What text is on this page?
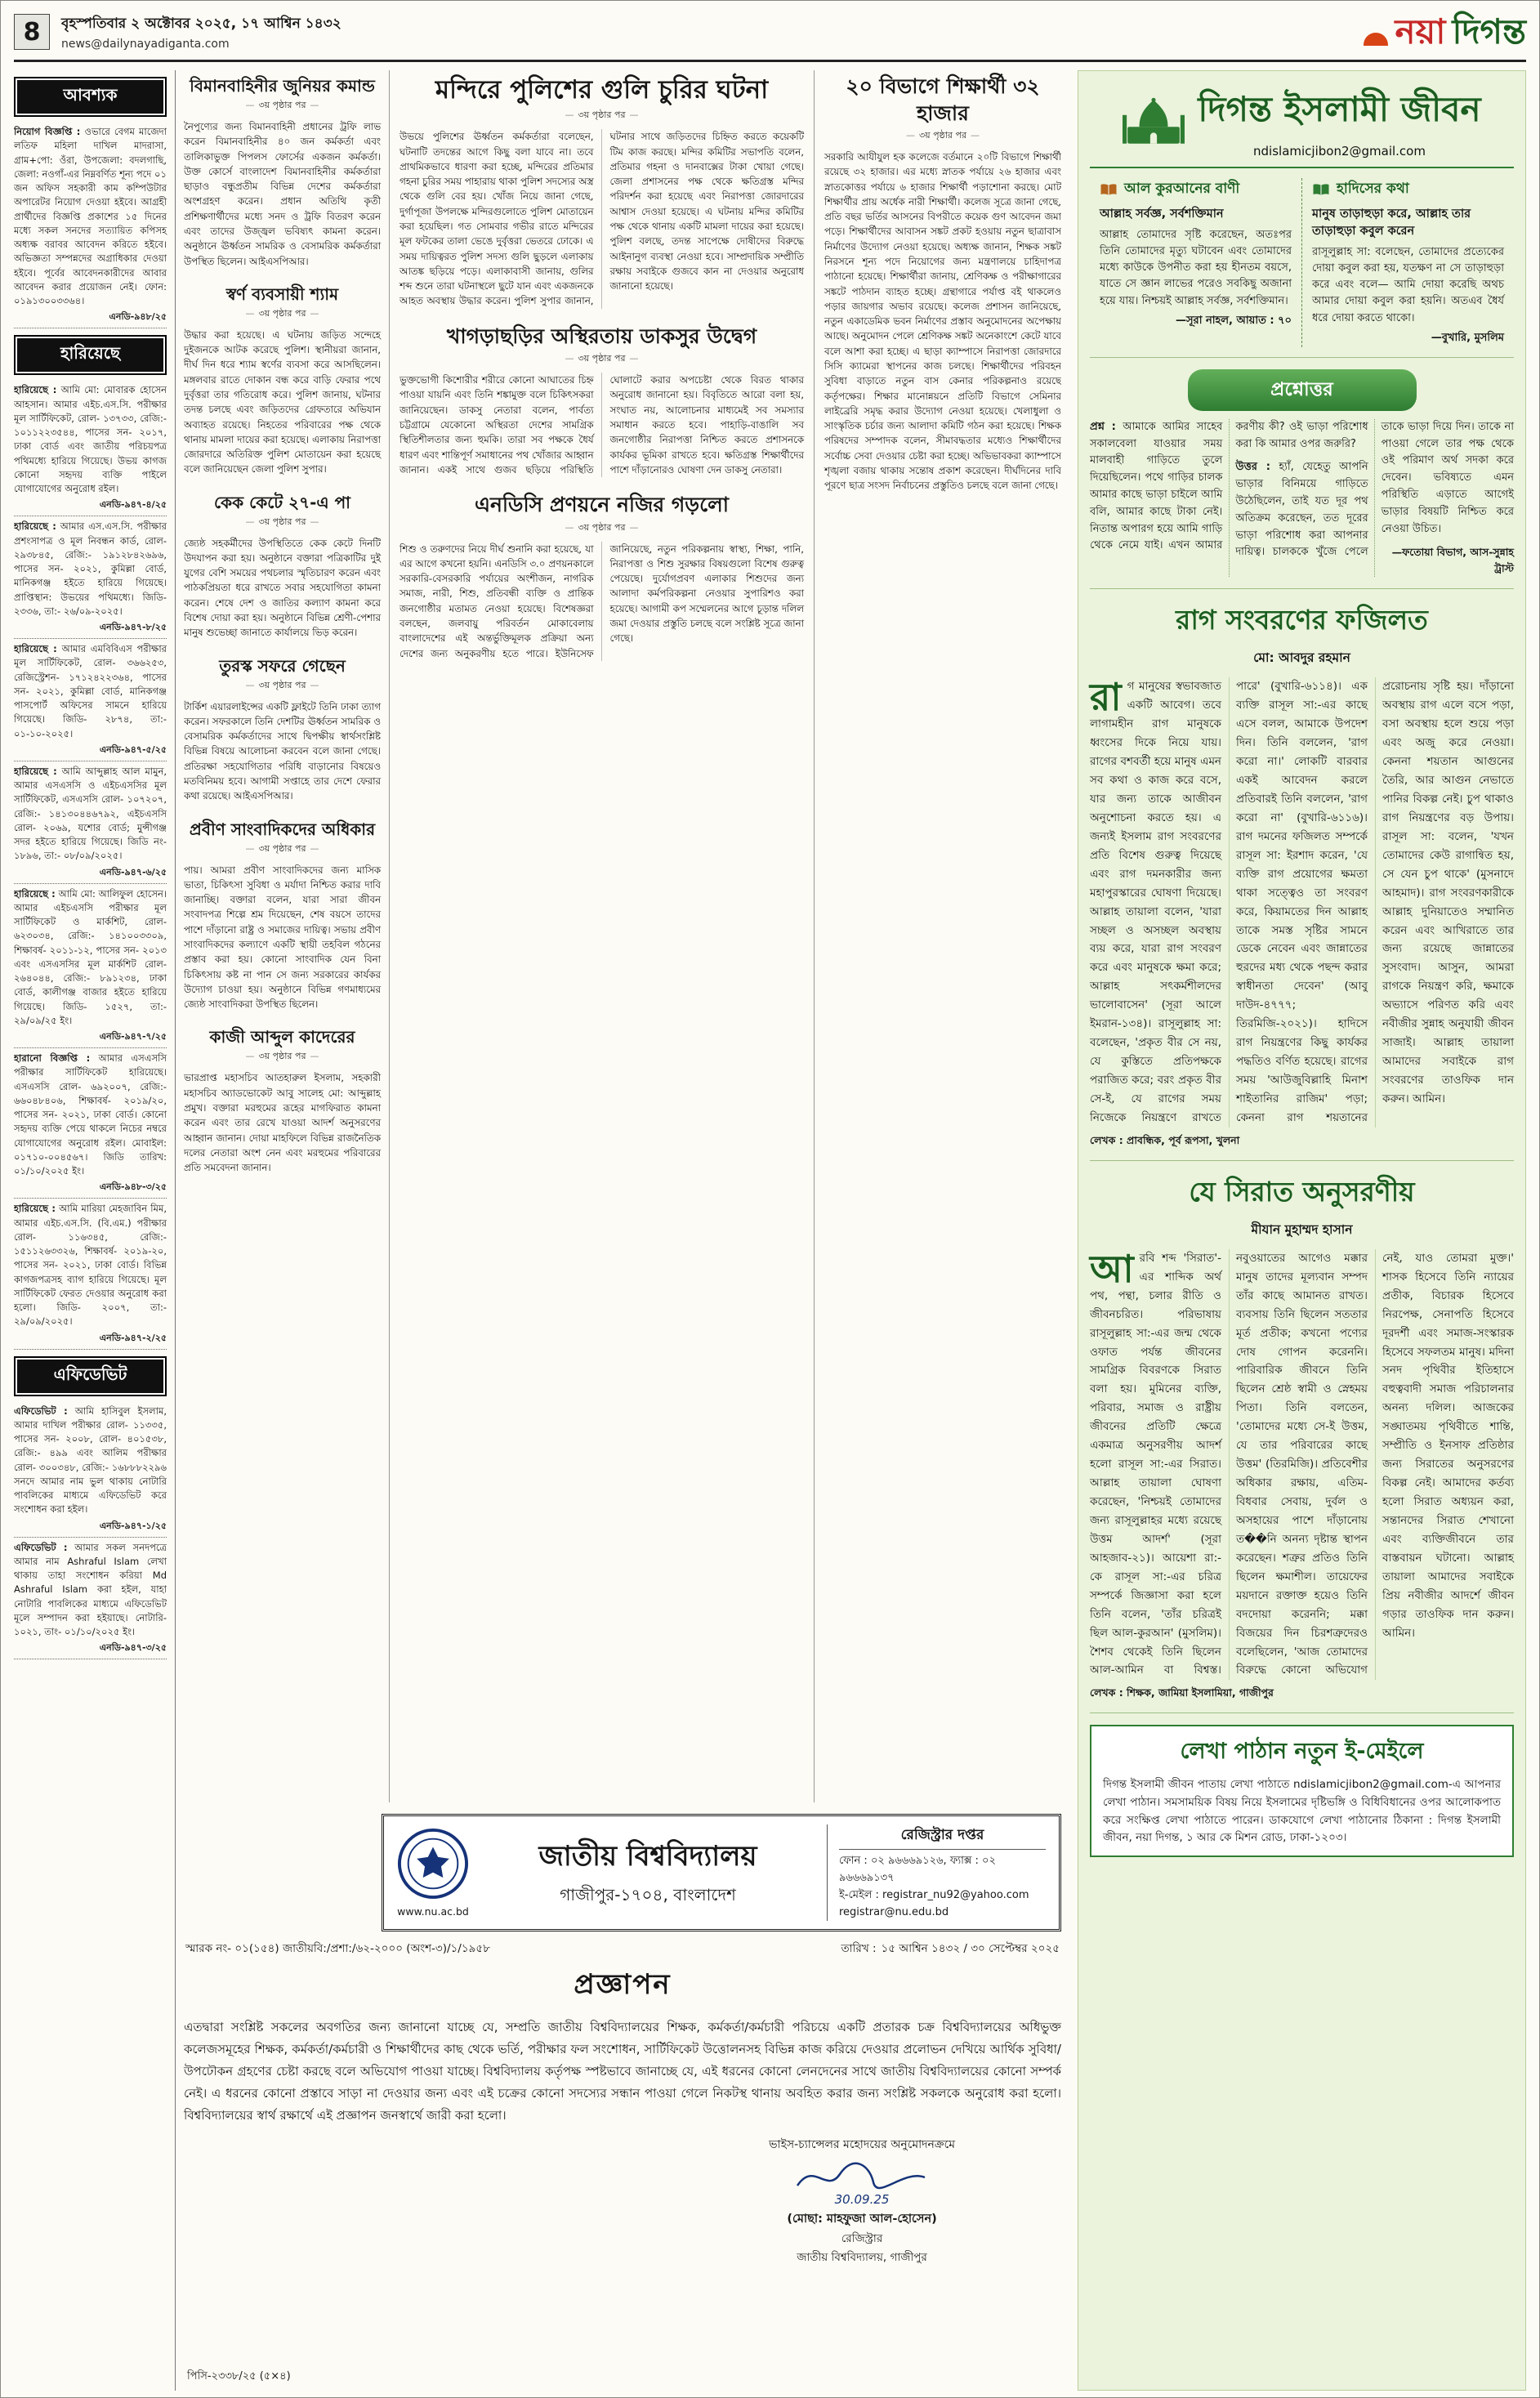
8	বৃহস্পতিবার ২ অক্টোবর ২০২৫, ১৭ আশ্বিন ১৪৩২
news@dailynayadiganta.com	নয়া দিগন্ত
আবশ্যক

নিয়োগ বিজ্ঞপ্তি : ওভারে বেগম মাজেদা লতিফ মহিলা দাখিল মাদরাসা, গ্রাম+পো: ওঁরা, উপজেলা: বদলগাছি, জেলা: নওগাঁ-এর নিম্নবর্ণিত শূন্য পদে ০১ জন অফিস সহকারী কাম কম্পিউটার অপারেটর নিয়োগ দেওয়া হইবে। আগ্রহী প্রার্থীদের বিজ্ঞপ্তি প্রকাশের ১৫ দিনের মধ্যে সকল সনদের সত্যায়িত কপিসহ অধ্যক্ষ বরাবর আবেদন করিতে হইবে। অভিজ্ঞতা সম্পন্নদের অগ্রাধিকার দেওয়া হইবে। পূর্বের আবেদনকারীদের আবার আবেদন করার প্রয়োজন নেই। ফোন: ০১৯১৩০০৩৩৬৪।

এনডি-৯৪৮/২৫
হারিয়েছে

হারিয়েছে : আমি মো: মোবারক হোসেন আহসান। আমার এইচ.এস.সি. পরীক্ষার মূল সার্টিফিকেট, রোল- ১৩৭৩৩, রেজি:- ১০১১২২৩৫৪৪, পাসের সন- ২০১৭, ঢাকা বোর্ড এবং জাতীয় পরিচয়পত্র পথিমধ্যে হারিয়ে গিয়েছে। উভয় কাগজ কোনো সহৃদয় ব্যক্তি পাইলে যোগাযোগের অনুরোধ রইল।

এনডি-৯৪৭-৪/২৫

হারিয়েছে : আমার এস.এস.সি. পরীক্ষার প্রশংসাপত্র ও মূল নিবন্ধন কার্ড, রোল- ২৯৩৮৪৫, রেজি:- ১৯১২৮৪২৬৯৬, পাসের সন- ২০২১, কুমিল্লা বোর্ড, মানিকগঞ্জ হইতে হারিয়ে গিয়েছে। প্রাপ্তিস্থান: উভয়ের পথিমধ্যে। জিডি- ২৩৩৬, তা:- ২৬/০৯-২০২৫।

এনডি-৯৪৭-৮/২৫

হারিয়েছে : আমার এমবিবিএস পরীক্ষার মূল সার্টিফিকেট, রোল- ৩৬৬২৫৩, রেজিস্ট্রেশন- ১৭১২৪২২৩৬৪, পাসের সন- ২০২১, কুমিল্লা বোর্ড, মানিকগঞ্জ পাসপোর্ট অফিসের সামনে হারিয়ে গিয়েছে। জিডি- ২৮৭৪, তা:- ০১-১০-২০২৫।

এনডি-৯৪৭-৫/২৫

হারিয়েছে : আমি আব্দুল্লাহ আল মামুন, আমার এসএসসি ও এইচএসসির মূল সার্টিফিকেট, এসএসসি রোল- ১০৭২০৭, রেজি:- ১৪১৩০৪৪৬৭৯২, এইচএসসি রোল- ২০৬৯, যশোর বোর্ড; মুন্সীগঞ্জ সদর হইতে হারিয়ে গিয়েছে। জিডি নং- ১৮৯৬, তা:- ০৮/০৯/২০২৫।

এনডি-৯৪৭-৬/২৫

হারিয়েছে : আমি মো: আলিফুল হোসেন। আমার এইচএসসি পরীক্ষার মূল সার্টিফিকেট ও মার্কশিট, রোল- ৬২৩০৩৪, রেজি:- ১৪১০০৩৩০৯, শিক্ষাবর্ষ- ২০১১-১২, পাসের সন- ২০১৩ এবং এসএসসির মূল মার্কশিট রোল- ২৬৪০৪৪, রেজি:- ৮৯১২৩৪, ঢাকা বোর্ড, কালীগঞ্জ বাজার হইতে হারিয়ে গিয়েছে। জিডি- ১৫২৭, তা:- ২৯/০৯/২৫ ইং।

এনডি-৯৪৭-৭/২৫

হারানো বিজ্ঞপ্তি : আমার এসএসসি পরীক্ষার সার্টিফিকেট হারিয়েছে। এসএসসি রোল- ৬৯২০০৭, রেজি:- ৬৬০৪৮৪০৬, শিক্ষাবর্ষ- ২০১৯/২০, পাসের সন- ২০২১, ঢাকা বোর্ড। কোনো সহৃদয় ব্যক্তি পেয়ে থাকলে নিচের নম্বরে যোগাযোগের অনুরোধ রইল। মোবাইল: ০১৭১০-০০৪৫৬৭। জিডি তারিখ: ০১/১০/২০২৫ ইং।

এনডি-৯৪৮-৩/২৫

হারিয়েছে : আমি মারিয়া মেহজাবিন মিম, আমার এইচ.এস.সি. (বি.এম.) পরীক্ষার রোল- ১১৬৩৪৫, রেজি:- ১৫১১২৬৩৩২৬, শিক্ষাবর্ষ- ২০১৯-২০, পাসের সন- ২০২১, ঢাকা বোর্ড। বিভিন্ন কাগজপত্রসহ ব্যাগ হারিয়ে গিয়েছে। মূল সার্টিফিকেট ফেরত দেওয়ার অনুরোধ করা হলো। জিডি- ২০০৭, তা:- ২৯/০৯/২০২৫।

এনডি-৯৪৭-২/২৫
এফিডেভিট

এফিডেভিট : আমি হাসিবুল ইসলাম, আমার দাখিল পরীক্ষার রোল- ১১৩৩৫, পাসের সন- ২০০৮, রোল- ৪০১৫৩৮, রেজি:- ৪৯৯ এবং আলিম পরীক্ষার রোল- ৩০০৩৪৮, রেজি:- ১৬৮৮৮২২৯৬ সনদে আমার নাম ভুল থাকায় নোটারি পাবলিকের মাধ্যমে এফিডেভিট করে সংশোধন করা হইল।

এনডি-৯৪৭-১/২৫

এফিডেভিট : আমার সকল সনদপত্রে আমার নাম Ashraful Islam লেখা থাকায় তাহা সংশোধন করিয়া Md Ashraful Islam করা হইল, যাহা নোটারি পাবলিকের মাধ্যমে এফিডেভিট মূলে সম্পাদন করা হইয়াছে। নোটারি- ১০২১, তাং- ০১/১০/২০২৫ ইং।

এনডি-৯৪৭-৩/২৫
বিমানবাহিনীর জুনিয়র কমান্ড
— ৩য় পৃষ্ঠার পর —

নৈপুণ্যের জন্য বিমানবাহিনী প্রধানের ট্রফি লাভ করেন বিমানবাহিনীর ৪০ জন কর্মকর্তা এবং তালিকাভুক্ত পিপলস ফোর্সের একজন কর্মকর্তা। উক্ত কোর্সে বাংলাদেশ বিমানবাহিনীর কর্মকর্তারা ছাড়াও বন্ধুপ্রতীম বিভিন্ন দেশের কর্মকর্তারা অংশগ্রহণ করেন। প্রধান অতিথি কৃতী প্রশিক্ষণার্থীদের মধ্যে সনদ ও ট্রফি বিতরণ করেন এবং তাদের উজ্জ্বল ভবিষ্যৎ কামনা করেন। অনুষ্ঠানে ঊর্ধ্বতন সামরিক ও বেসামরিক কর্মকর্তারা উপস্থিত ছিলেন। আইএসপিআর।

স্বর্ণ ব্যবসায়ী শ্যাম
— ৩য় পৃষ্ঠার পর —

উদ্ধার করা হয়েছে। এ ঘটনায় জড়িত সন্দেহে দুইজনকে আটক করেছে পুলিশ। স্থানীয়রা জানান, দীর্ঘ দিন ধরে শ্যাম স্বর্ণের ব্যবসা করে আসছিলেন। মঙ্গলবার রাতে দোকান বন্ধ করে বাড়ি ফেরার পথে দুর্বৃত্তরা তার গতিরোধ করে। পুলিশ জানায়, ঘটনার তদন্ত চলছে এবং জড়িতদের গ্রেফতারে অভিযান অব্যাহত রয়েছে। নিহতের পরিবারের পক্ষ থেকে থানায় মামলা দায়ের করা হয়েছে। এলাকায় নিরাপত্তা জোরদারে অতিরিক্ত পুলিশ মোতায়েন করা হয়েছে বলে জানিয়েছেন জেলা পুলিশ সুপার।

কেক কেটে ২৭-এ পা
— ৩য় পৃষ্ঠার পর —

জ্যেষ্ঠ সহকর্মীদের উপস্থিতিতে কেক কেটে দিনটি উদযাপন করা হয়। অনুষ্ঠানে বক্তারা পত্রিকাটির দুই যুগের বেশি সময়ের পথচলার স্মৃতিচারণ করেন এবং পাঠকপ্রিয়তা ধরে রাখতে সবার সহযোগিতা কামনা করেন। শেষে দেশ ও জাতির কল্যাণ কামনা করে বিশেষ দোয়া করা হয়। অনুষ্ঠানে বিভিন্ন শ্রেণী-পেশার মানুষ শুভেচ্ছা জানাতে কার্যালয়ে ভিড় করেন।

তুরস্ক সফরে গেছেন
— ৩য় পৃষ্ঠার পর —

টার্কিশ এয়ারলাইন্সের একটি ফ্লাইটে তিনি ঢাকা ত্যাগ করেন। সফরকালে তিনি দেশটির ঊর্ধ্বতন সামরিক ও বেসামরিক কর্মকর্তাদের সাথে দ্বিপক্ষীয় স্বার্থসংশ্লিষ্ট বিভিন্ন বিষয়ে আলোচনা করবেন বলে জানা গেছে। প্রতিরক্ষা সহযোগিতার পরিধি বাড়ানোর বিষয়েও মতবিনিময় হবে। আগামী সপ্তাহে তার দেশে ফেরার কথা রয়েছে। আইএসপিআর।

প্রবীণ সাংবাদিকদের অধিকার
— ৩য় পৃষ্ঠার পর —

পায়। আমরা প্রবীণ সাংবাদিকদের জন্য মাসিক ভাতা, চিকিৎসা সুবিধা ও মর্যাদা নিশ্চিত করার দাবি জানাচ্ছি। বক্তারা বলেন, যারা সারা জীবন সংবাদপত্র শিল্পে শ্রম দিয়েছেন, শেষ বয়সে তাদের পাশে দাঁড়ানো রাষ্ট্র ও সমাজের দায়িত্ব। সভায় প্রবীণ সাংবাদিকদের কল্যাণে একটি স্থায়ী তহবিল গঠনের প্রস্তাব করা হয়। কোনো সাংবাদিক যেন বিনা চিকিৎসায় কষ্ট না পান সে জন্য সরকারের কার্যকর উদ্যোগ চাওয়া হয়। অনুষ্ঠানে বিভিন্ন গণমাধ্যমের জ্যেষ্ঠ সাংবাদিকরা উপস্থিত ছিলেন।

কাজী আব্দুল কাদেরের
— ৩য় পৃষ্ঠার পর —

ভারপ্রাপ্ত মহাসচিব আতহারুল ইসলাম, সহকারী মহাসচিব অ্যাডভোকেট আবু সালেহ মো: আব্দুল্লাহ প্রমুখ। বক্তারা মরহুমের রূহের মাগফিরাত কামনা করেন এবং তার রেখে যাওয়া আদর্শ অনুসরণের আহ্বান জানান। দোয়া মাহফিলে বিভিন্ন রাজনৈতিক দলের নেতারা অংশ নেন এবং মরহুমের পরিবারের প্রতি সমবেদনা জানান।

মন্দিরে পুলিশের গুলি চুরির ঘটনা
— ৩য় পৃষ্ঠার পর —

উভয়ে পুলিশের ঊর্ধ্বতন কর্মকর্তারা বলেছেন, ঘটনাটি তদন্তের আগে কিছু বলা যাবে না। তবে প্রাথমিকভাবে ধারণা করা হচ্ছে, মন্দিরের প্রতিমার গহনা চুরির সময় পাহারায় থাকা পুলিশ সদস্যের অস্ত্র থেকে গুলি বের হয়। খোঁজ নিয়ে জানা গেছে, দুর্গাপূজা উপলক্ষে মন্দিরগুলোতে পুলিশ মোতায়েন করা হয়েছিল। গত সোমবার গভীর রাতে মন্দিরের মূল ফটকের তালা ভেঙে দুর্বৃত্তরা ভেতরে ঢোকে। এ সময় দায়িত্বরত পুলিশ সদস্য গুলি ছুড়লে এলাকায় আতঙ্ক ছড়িয়ে পড়ে। এলাকাবাসী জানায়, গুলির শব্দ শুনে তারা ঘটনাস্থলে ছুটে যান এবং একজনকে আহত অবস্থায় উদ্ধার করেন। পুলিশ সুপার জানান, ঘটনার সাথে জড়িতদের চিহ্নিত করতে কয়েকটি টিম কাজ করছে। মন্দির কমিটির সভাপতি বলেন, প্রতিমার গহনা ও দানবাক্সের টাকা খোয়া গেছে। জেলা প্রশাসনের পক্ষ থেকে ক্ষতিগ্রস্ত মন্দির পরিদর্শন করা হয়েছে এবং নিরাপত্তা জোরদারের আশ্বাস দেওয়া হয়েছে। এ ঘটনায় মন্দির কমিটির পক্ষ থেকে থানায় একটি মামলা দায়ের করা হয়েছে। পুলিশ বলছে, তদন্ত সাপেক্ষে দোষীদের বিরুদ্ধে আইনানুগ ব্যবস্থা নেওয়া হবে। সাম্প্রদায়িক সম্প্রীতি রক্ষায় সবাইকে গুজবে কান না দেওয়ার অনুরোধ জানানো হয়েছে।

খাগড়াছড়ির অস্থিরতায় ডাকসুর উদ্বেগ
— ৩য় পৃষ্ঠার পর —

ভুক্তভোগী কিশোরীর শরীরে কোনো আঘাতের চিহ্ন পাওয়া যায়নি এবং তিনি শঙ্কামুক্ত বলে চিকিৎসকরা জানিয়েছেন। ডাকসু নেতারা বলেন, পার্বত্য চট্টগ্রামে যেকোনো অস্থিরতা দেশের সামগ্রিক স্থিতিশীলতার জন্য হুমকি। তারা সব পক্ষকে ধৈর্য ধারণ এবং শান্তিপূর্ণ সমাধানের পথ খোঁজার আহ্বান জানান। একই সাথে গুজব ছড়িয়ে পরিস্থিতি ঘোলাটে করার অপচেষ্টা থেকে বিরত থাকার অনুরোধ জানানো হয়। বিবৃতিতে আরো বলা হয়, সংঘাত নয়, আলোচনার মাধ্যমেই সব সমস্যার সমাধান করতে হবে। পাহাড়ি-বাঙালি সব জনগোষ্ঠীর নিরাপত্তা নিশ্চিত করতে প্রশাসনকে কার্যকর ভূমিকা রাখতে হবে। ক্ষতিগ্রস্ত শিক্ষার্থীদের পাশে দাঁড়ানোরও ঘোষণা দেন ডাকসু নেতারা।

এনডিসি প্রণয়নে নজির গড়লো
— ৩য় পৃষ্ঠার পর —

শিশু ও তরুণদের নিয়ে দীর্ঘ শুনানি করা হয়েছে, যা এর আগে কখনো হয়নি। এনডিসি ৩.০ প্রণয়নকালে সরকারি-বেসরকারি পর্যায়ের অংশীজন, নাগরিক সমাজ, নারী, শিশু, প্রতিবন্ধী ব্যক্তি ও প্রান্তিক জনগোষ্ঠীর মতামত নেওয়া হয়েছে। বিশেষজ্ঞরা বলছেন, জলবায়ু পরিবর্তন মোকাবেলায় বাংলাদেশের এই অন্তর্ভুক্তিমূলক প্রক্রিয়া অন্য দেশের জন্য অনুকরণীয় হতে পারে। ইউনিসেফ জানিয়েছে, নতুন পরিকল্পনায় স্বাস্থ্য, শিক্ষা, পানি, নিরাপত্তা ও শিশু সুরক্ষার বিষয়গুলো বিশেষ গুরুত্ব পেয়েছে। দুর্যোগপ্রবণ এলাকার শিশুদের জন্য আলাদা কর্মপরিকল্পনা নেওয়ার সুপারিশও করা হয়েছে। আগামী কপ সম্মেলনের আগে চূড়ান্ত দলিল জমা দেওয়ার প্রস্তুতি চলছে বলে সংশ্লিষ্ট সূত্রে জানা গেছে।

২০ বিভাগে শিক্ষার্থী ৩২ হাজার
— ৩য় পৃষ্ঠার পর —

সরকারি আযীযুল হক কলেজে বর্তমানে ২০টি বিভাগে শিক্ষার্থী রয়েছে ৩২ হাজার। এর মধ্যে স্নাতক পর্যায়ে ২৬ হাজার এবং স্নাতকোত্তর পর্যায়ে ৬ হাজার শিক্ষার্থী পড়াশোনা করছে। মোট শিক্ষার্থীর প্রায় অর্ধেক নারী শিক্ষার্থী। কলেজ সূত্রে জানা গেছে, প্রতি বছর ভর্তির আসনের বিপরীতে কয়েক গুণ আবেদন জমা পড়ে। শিক্ষার্থীদের আবাসন সঙ্কট প্রকট হওয়ায় নতুন ছাত্রাবাস নির্মাণের উদ্যোগ নেওয়া হয়েছে। অধ্যক্ষ জানান, শিক্ষক সঙ্কট নিরসনে শূন্য পদে নিয়োগের জন্য মন্ত্রণালয়ে চাহিদাপত্র পাঠানো হয়েছে। শিক্ষার্থীরা জানায়, শ্রেণিকক্ষ ও পরীক্ষাগারের সঙ্কটে পাঠদান ব্যাহত হচ্ছে। গ্রন্থাগারে পর্যাপ্ত বই থাকলেও পড়ার জায়গার অভাব রয়েছে। কলেজ প্রশাসন জানিয়েছে, নতুন একাডেমিক ভবন নির্মাণের প্রস্তাব অনুমোদনের অপেক্ষায় আছে। অনুমোদন পেলে শ্রেণিকক্ষ সঙ্কট অনেকাংশে কেটে যাবে বলে আশা করা হচ্ছে। এ ছাড়া ক্যাম্পাসে নিরাপত্তা জোরদারে সিসি ক্যামেরা স্থাপনের কাজ চলছে। শিক্ষার্থীদের পরিবহন সুবিধা বাড়াতে নতুন বাস কেনার পরিকল্পনাও রয়েছে কর্তৃপক্ষের। শিক্ষার মানোন্নয়নে প্রতিটি বিভাগে সেমিনার লাইব্রেরি সমৃদ্ধ করার উদ্যোগ নেওয়া হয়েছে। খেলাধুলা ও সাংস্কৃতিক চর্চার জন্য আলাদা কমিটি গঠন করা হয়েছে। শিক্ষক পরিষদের সম্পাদক বলেন, সীমাবদ্ধতার মধ্যেও শিক্ষার্থীদের সর্বোচ্চ সেবা দেওয়ার চেষ্টা করা হচ্ছে। অভিভাবকরা ক্যাম্পাসে শৃঙ্খলা বজায় থাকায় সন্তোষ প্রকাশ করেছেন। দীর্ঘদিনের দাবি পূরণে ছাত্র সংসদ নির্বাচনের প্রস্তুতিও চলছে বলে জানা গেছে।

www.nu.ac.bd
জাতীয় বিশ্ববিদ্যালয়
গাজীপুর-১৭০৪, বাংলাদেশ
রেজিস্ট্রার দপ্তর
ফোন : ০২ ৯৬৬৬৯১২৬, ফ্যাক্স : ০২ ৯৬৬৬৯১৩৭
ই-মেইল : registrar_nu92@yahoo.com
registrar@nu.edu.bd
স্মারক নং- ০১(১৫৪) জাতীয়বি:/প্রশা:/৬২-২০০০ (অংশ-৩)/১/১৯৫৮	তারিখ : ১৫ আশ্বিন ১৪৩২ / ৩০ সেপ্টেম্বর ২০২৫
প্রজ্ঞাপন

এতদ্বারা সংশ্লিষ্ট সকলের অবগতির জন্য জানানো যাচ্ছে যে, সম্প্রতি জাতীয় বিশ্ববিদ্যালয়ের শিক্ষক, কর্মকর্তা/কর্মচারী পরিচয়ে একটি প্রতারক চক্র বিশ্ববিদ্যালয়ের অধিভুক্ত কলেজসমূহের শিক্ষক, কর্মকর্তা/কর্মচারী ও শিক্ষার্থীদের কাছ থেকে ভর্তি, পরীক্ষার ফল সংশোধন, সার্টিফিকেট উত্তোলনসহ বিভিন্ন কাজ করিয়ে দেওয়ার প্রলোভন দেখিয়ে আর্থিক সুবিধা/উপঢৌকন গ্রহণের চেষ্টা করছে বলে অভিযোগ পাওয়া যাচ্ছে। বিশ্ববিদ্যালয় কর্তৃপক্ষ স্পষ্টভাবে জানাচ্ছে যে, এই ধরনের কোনো লেনদেনের সাথে জাতীয় বিশ্ববিদ্যালয়ের কোনো সম্পর্ক নেই। এ ধরনের কোনো প্রস্তাবে সাড়া না দেওয়ার জন্য এবং এই চক্রের কোনো সদস্যের সন্ধান পাওয়া গেলে নিকটস্থ থানায় অবহিত করার জন্য সংশ্লিষ্ট সকলকে অনুরোধ করা হলো। বিশ্ববিদ্যালয়ের স্বার্থ রক্ষার্থে এই প্রজ্ঞাপন জনস্বার্থে জারী করা হলো।

ভাইস-চ্যান্সেলর মহোদয়ের অনুমোদনক্রমে
30.09.25
(মোছা: মাহফুজা আল-হোসেন)
রেজিস্ট্রার
জাতীয় বিশ্ববিদ্যালয়, গাজীপুর
পিসি-২৩৩৮/২৫ (৫×৪)
দিগন্ত ইসলামী জীবন
ndislamicjibon2@gmail.com
আল কুরআনের বাণী
আল্লাহ সর্বজ্ঞ, সর্বশক্তিমান

আল্লাহ তোমাদের সৃষ্টি করেছেন, অতঃপর তিনি তোমাদের মৃত্যু ঘটাবেন এবং তোমাদের মধ্যে কাউকে উপনীত করা হয় হীনতম বয়সে, যাতে সে জ্ঞান লাভের পরেও সবকিছু অজানা হয়ে যায়। নিশ্চয়ই আল্লাহ সর্বজ্ঞ, সর্বশক্তিমান।

—সূরা নাহল, আয়াত : ৭০
হাদিসের কথা
মানুষ তাড়াহুড়া করে, আল্লাহ তার তাড়াহুড়া কবুল করেন

রাসূলুল্লাহ সা: বলেছেন, তোমাদের প্রত্যেকের দোয়া কবুল করা হয়, যতক্ষণ না সে তাড়াহুড়া করে এবং বলে— আমি দোয়া করেছি অথচ আমার দোয়া কবুল করা হয়নি। অতএব ধৈর্য ধরে দোয়া করতে থাকো।

—বুখারি, মুসলিম
প্রশ্নোত্তর

প্রশ্ন : আমাকে আমির সাহেব সকালবেলা যাওয়ার সময় মালবাহী গাড়িতে তুলে দিয়েছিলেন। পথে গাড়ির চালক আমার কাছে ভাড়া চাইলে আমি বলি, আমার কাছে টাকা নেই। নিতান্ত অপারগ হয়ে আমি গাড়ি থেকে নেমে যাই। এখন আমার করণীয় কী? ওই ভাড়া পরিশোধ করা কি আমার ওপর জরুরি?

উত্তর : হ্যাঁ, যেহেতু আপনি ভাড়ার বিনিময়ে গাড়িতে উঠেছিলেন, তাই যত দূর পথ অতিক্রম করেছেন, তত দূরের ভাড়া পরিশোধ করা আপনার দায়িত্ব। চালককে খুঁজে পেলে তাকে ভাড়া দিয়ে দিন। তাকে না পাওয়া গেলে তার পক্ষ থেকে ওই পরিমাণ অর্থ সদকা করে দেবেন। ভবিষ্যতে এমন পরিস্থিতি এড়াতে আগেই ভাড়ার বিষয়টি নিশ্চিত করে নেওয়া উচিত।

—ফতোয়া বিভাগ, আস-সুন্নাহ ট্রাস্ট
রাগ সংবরণের ফজিলত
মো: আবদুর রহমান

রাগ মানুষের স্বভাবজাত একটি আবেগ। তবে লাগামহীন রাগ মানুষকে ধ্বংসের দিকে নিয়ে যায়। রাগের বশবর্তী হয়ে মানুষ এমন সব কথা ও কাজ করে বসে, যার জন্য তাকে আজীবন অনুশোচনা করতে হয়। এ জন্যই ইসলাম রাগ সংবরণের প্রতি বিশেষ গুরুত্ব দিয়েছে এবং রাগ দমনকারীর জন্য মহাপুরস্কারের ঘোষণা দিয়েছে। আল্লাহ তায়ালা বলেন, 'যারা সচ্ছল ও অসচ্ছল অবস্থায় ব্যয় করে, যারা রাগ সংবরণ করে এবং মানুষকে ক্ষমা করে; আল্লাহ সৎকর্মশীলদের ভালোবাসেন' (সূরা আলে ইমরান-১৩৪)। রাসূলুল্লাহ সা: বলেছেন, 'প্রকৃত বীর সে নয়, যে কুস্তিতে প্রতিপক্ষকে পরাজিত করে; বরং প্রকৃত বীর সে-ই, যে রাগের সময় নিজেকে নিয়ন্ত্রণে রাখতে পারে' (বুখারি-৬১১৪)। এক ব্যক্তি রাসূল সা:-এর কাছে এসে বলল, আমাকে উপদেশ দিন। তিনি বললেন, 'রাগ করো না।' লোকটি বারবার একই আবেদন করলে প্রতিবারই তিনি বললেন, 'রাগ করো না' (বুখারি-৬১১৬)। রাগ দমনের ফজিলত সম্পর্কে রাসূল সা: ইরশাদ করেন, 'যে ব্যক্তি রাগ প্রয়োগের ক্ষমতা থাকা সত্ত্বেও তা সংবরণ করে, কিয়ামতের দিন আল্লাহ তাকে সমস্ত সৃষ্টির সামনে ডেকে নেবেন এবং জান্নাতের হুরদের মধ্য থেকে পছন্দ করার স্বাধীনতা দেবেন' (আবু দাউদ-৪৭৭৭; তিরমিজি-২০২১)। হাদিসে রাগ নিয়ন্ত্রণের কিছু কার্যকর পদ্ধতিও বর্ণিত হয়েছে। রাগের সময় 'আউজুবিল্লাহি মিনাশ শাইতানির রাজিম' পড়া; কেননা রাগ শয়তানের প্ররোচনায় সৃষ্টি হয়। দাঁড়ানো অবস্থায় রাগ এলে বসে পড়া, বসা অবস্থায় হলে শুয়ে পড়া এবং অজু করে নেওয়া। কেননা শয়তান আগুনের তৈরি, আর আগুন নেভাতে পানির বিকল্প নেই। চুপ থাকাও রাগ নিয়ন্ত্রণের বড় উপায়। রাসূল সা: বলেন, 'যখন তোমাদের কেউ রাগান্বিত হয়, সে যেন চুপ থাকে' (মুসনাদে আহমাদ)। রাগ সংবরণকারীকে আল্লাহ দুনিয়াতেও সম্মানিত করেন এবং আখিরাতে তার জন্য রয়েছে জান্নাতের সুসংবাদ। আসুন, আমরা রাগকে নিয়ন্ত্রণ করি, ক্ষমাকে অভ্যাসে পরিণত করি এবং নবীজীর সুন্নাহ অনুযায়ী জীবন সাজাই। আল্লাহ তায়ালা আমাদের সবাইকে রাগ সংবরণের তাওফিক দান করুন। আমিন।

লেখক : প্রাবন্ধিক, পূর্ব রূপসা, খুলনা
যে সিরাত অনুসরণীয়
মীযান মুহাম্মদ হাসান

আরবি শব্দ 'সিরাত'-এর শাব্দিক অর্থ পথ, পন্থা, চলার রীতি ও জীবনচরিত। পরিভাষায় রাসূলুল্লাহ সা:-এর জন্ম থেকে ওফাত পর্যন্ত জীবনের সামগ্রিক বিবরণকে সিরাত বলা হয়। মুমিনের ব্যক্তি, পরিবার, সমাজ ও রাষ্ট্রীয় জীবনের প্রতিটি ক্ষেত্রে একমাত্র অনুসরণীয় আদর্শ হলো রাসূল সা:-এর সিরাত। আল্লাহ তায়ালা ঘোষণা করেছেন, 'নিশ্চয়ই তোমাদের জন্য রাসূলুল্লাহর মধ্যে রয়েছে উত্তম আদর্শ' (সূরা আহজাব-২১)। আয়েশা রা:-কে রাসূল সা:-এর চরিত্র সম্পর্কে জিজ্ঞাসা করা হলে তিনি বলেন, 'তাঁর চরিত্রই ছিল আল-কুরআন' (মুসলিম)। শৈশব থেকেই তিনি ছিলেন আল-আমিন বা বিশ্বস্ত। নবুওয়াতের আগেও মক্কার মানুষ তাদের মূল্যবান সম্পদ তাঁর কাছে আমানত রাখত। ব্যবসায় তিনি ছিলেন সততার মূর্ত প্রতীক; কখনো পণ্যের দোষ গোপন করেননি। পারিবারিক জীবনে তিনি ছিলেন শ্রেষ্ঠ স্বামী ও স্নেহময় পিতা। তিনি বলতেন, 'তোমাদের মধ্যে সে-ই উত্তম, যে তার পরিবারের কাছে উত্তম' (তিরমিজি)। প্রতিবেশীর অধিকার রক্ষায়, এতিম-বিধবার সেবায়, দুর্বল ও অসহায়ের পাশে দাঁড়ানোয় ত��নি অনন্য দৃষ্টান্ত স্থাপন করেছেন। শত্রুর প্রতিও তিনি ছিলেন ক্ষমাশীল। তায়েফের ময়দানে রক্তাক্ত হয়েও তিনি বদদোয়া করেননি; মক্কা বিজয়ের দিন চিরশত্রুদেরও বলেছিলেন, 'আজ তোমাদের বিরুদ্ধে কোনো অভিযোগ নেই, যাও তোমরা মুক্ত।' শাসক হিসেবে তিনি ন্যায়ের প্রতীক, বিচারক হিসেবে নিরপেক্ষ, সেনাপতি হিসেবে দূরদর্শী এবং সমাজ-সংস্কারক হিসেবে সফলতম মানুষ। মদিনা সনদ পৃথিবীর ইতিহাসে বহুত্ববাদী সমাজ পরিচালনার অনন্য দলিল। আজকের সঙ্ঘাতময় পৃথিবীতে শান্তি, সম্প্রীতি ও ইনসাফ প্রতিষ্ঠার জন্য সিরাতের অনুসরণের বিকল্প নেই। আমাদের কর্তব্য হলো সিরাত অধ্যয়ন করা, সন্তানদের সিরাত শেখানো এবং ব্যক্তিজীবনে তার বাস্তবায়ন ঘটানো। আল্লাহ তায়ালা আমাদের সবাইকে প্রিয় নবীজীর আদর্শে জীবন গড়ার তাওফিক দান করুন। আমিন।

লেখক : শিক্ষক, জামিয়া ইসলামিয়া, গাজীপুর
লেখা পাঠান নতুন ই-মেইলে

দিগন্ত ইসলামী জীবন পাতায় লেখা পাঠাতে ndislamicjibon2@gmail.com-এ আপনার লেখা পাঠান। সমসাময়িক বিষয় নিয়ে ইসলামের দৃষ্টিভঙ্গি ও বিধিবিধানের ওপর আলোকপাত করে সংক্ষিপ্ত লেখা পাঠাতে পারেন। ডাকযোগে লেখা পাঠানোর ঠিকানা : দিগন্ত ইসলামী জীবন, নয়া দিগন্ত, ১ আর কে মিশন রোড, ঢাকা-১২০৩।
